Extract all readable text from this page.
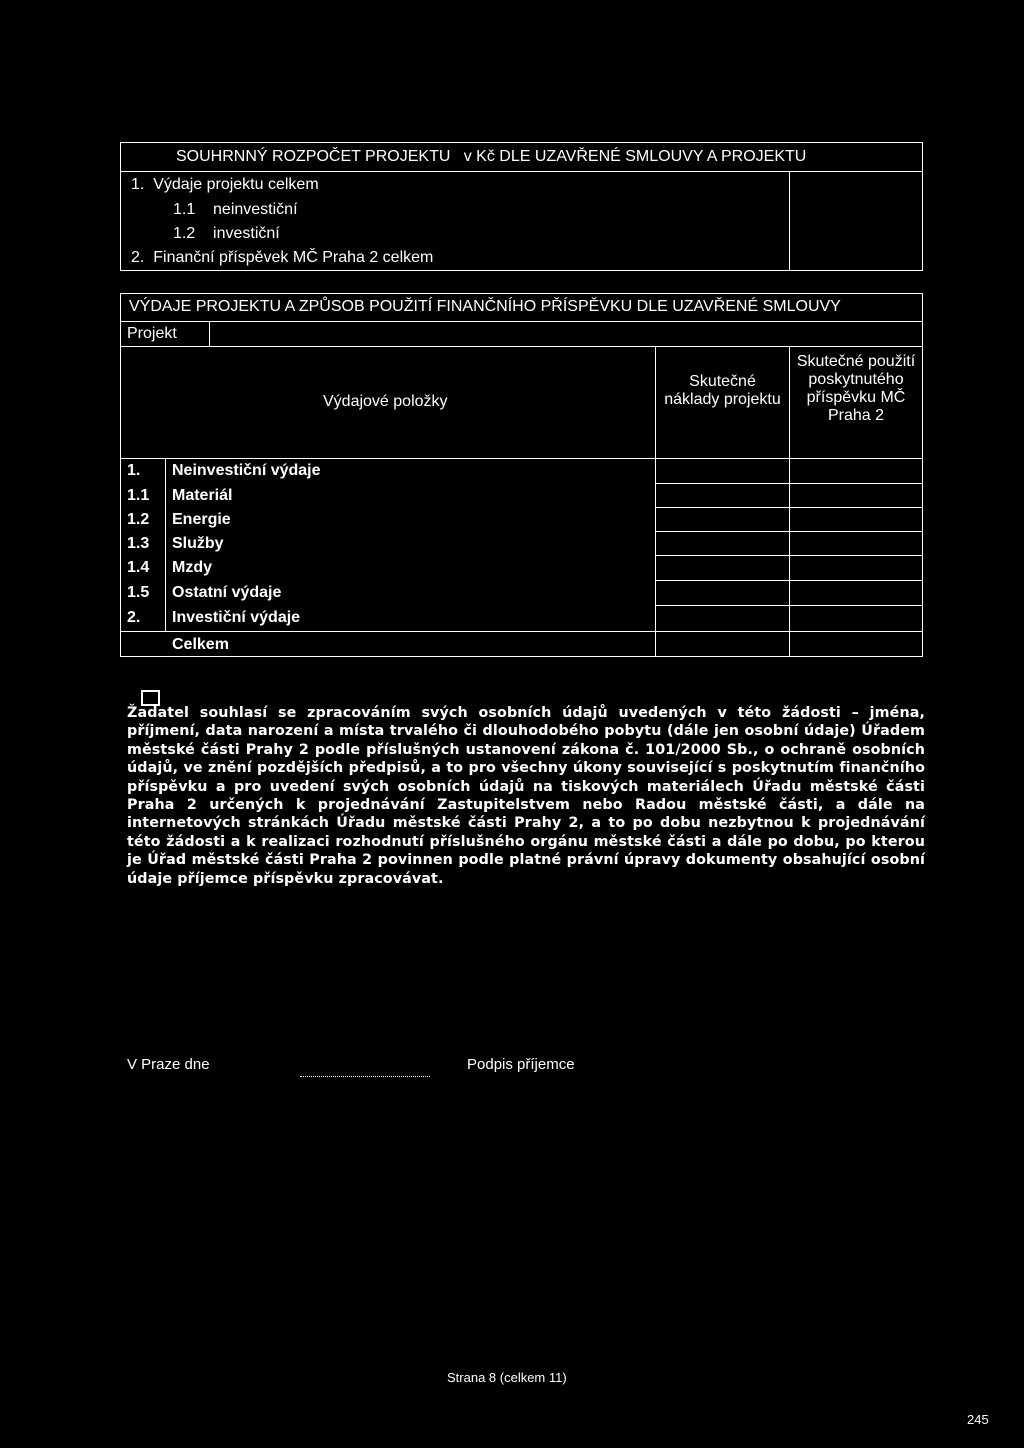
SOUHRNNÝ ROZPOČET PROJEKTU   v Kč DLE UZAVŘENÉ SMLOUVY A PROJEKTU
1.  Výdaje projektu celkem
1.1    neinvestiční
1.2    investiční
2.  Finanční příspěvek MČ Praha 2 celkem
VÝDAJE PROJEKTU A ZPŮSOB POUŽITÍ FINANČNÍHO PŘÍSPĚVKU DLE UZAVŘENÉ SMLOUVY
Projekt
Výdajové položky
Skutečné náklady projektu
Skutečné použití poskytnutého příspěvku MČ Praha 2
1. Neinvestiční výdaje
1.1 Materiál
1.2 Energie
1.3 Služby
1.4 Mzdy
1.5 Ostatní výdaje
2. Investiční výdaje
Celkem
Žadatel souhlasí se zpracováním svých osobních údajů uvedených v této žádosti – jména, příjmení, data narození a místa trvalého či dlouhodobého pobytu (dále jen osobní údaje) Úřadem městské části Prahy 2 podle příslušných ustanovení zákona č. 101/2000 Sb., o ochraně osobních údajů, ve znění pozdějších předpisů, a to pro všechny úkony související s poskytnutím finančního příspěvku a pro uvedení svých osobních údajů na tiskových materiálech Úřadu městské části Praha 2 určených k projednávání Zastupitelstvem nebo Radou městské části, a dále na internetových stránkách Úřadu městské části Prahy 2, a to po dobu nezbytnou k projednávání této žádosti a k realizaci rozhodnutí příslušného orgánu městské části a dále po dobu, po kterou je Úřad městské části Praha 2 povinnen podle platné právní úpravy dokumenty obsahující osobní údaje příjemce příspěvku zpracovávat.
V Praze dne	Podpis příjemce
Strana 8 (celkem 11)
245
